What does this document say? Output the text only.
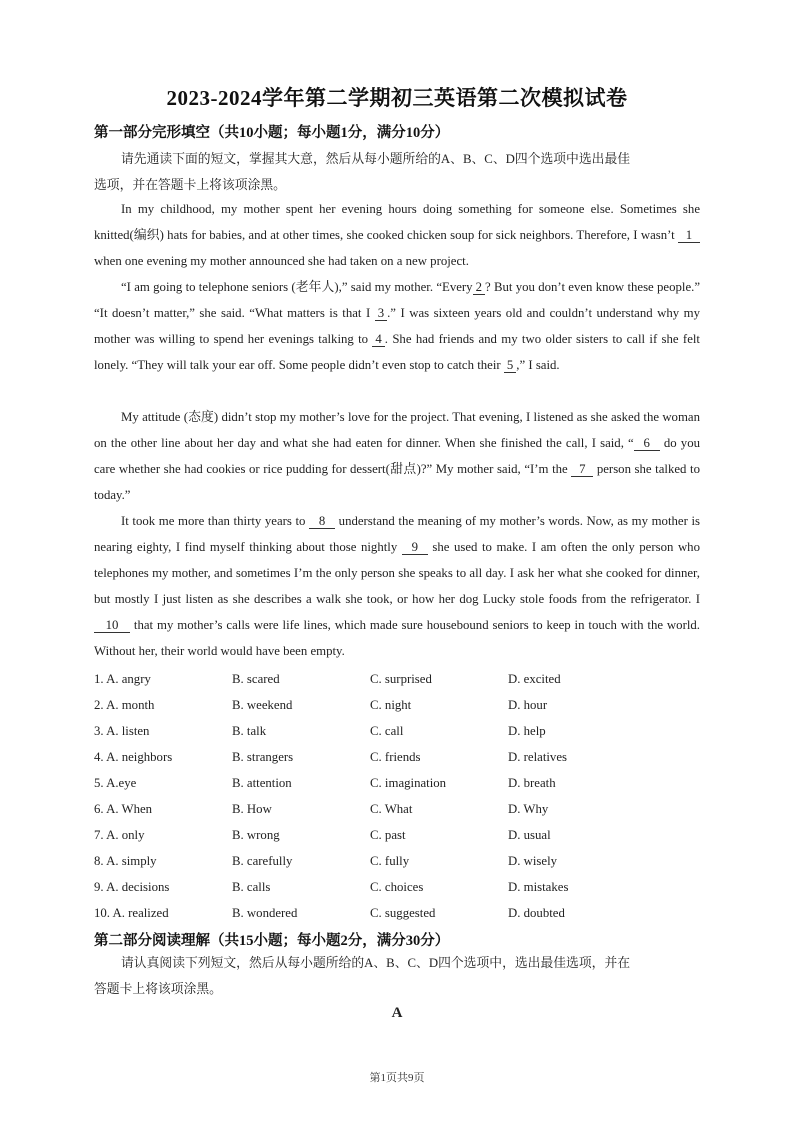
2023-2024学年第二学期初三英语第二次模拟试卷
第一部分完形填空（共10小题；每小题1分，满分10分）

请先通读下面的短文，掌握其大意，然后从每小题所给的A、B、C、D四个选项中选出最佳
选项，并在答题卡上将该项涂黑。

In my childhood, my mother spent her evening hours doing something for someone else. Sometimes she knitted(编织) hats for babies, and at other times, she cooked chicken soup for sick neighbors. Therefore, I wasn’t 1 when one evening my mother announced she had taken on a new project.

“I am going to telephone seniors (老年人),” said my mother. “Every 2 ? But you don’t even know these people.” “It doesn’t matter,” she said. “What matters is that I 3 .” I was sixteen years old and couldn’t understand why my mother was willing to spend her evenings talking to 4 . She had friends and my two older sisters to call if she felt lonely. “They will talk your ear off. Some people didn’t even stop to catch their 5 ,” I said.

My attitude (态度) didn’t stop my mother’s love for the project. That evening, I listened as she asked the woman on the other line about her day and what she had eaten for dinner. When she finished the call, I said, “ 6 do you care whether she had cookies or rice pudding for dessert(甜点)?” My mother said, “I’m the 7 person she talked to today.”

It took me more than thirty years to 8 understand the meaning of my mother’s words. Now, as my mother is nearing eighty, I find myself thinking about those nightly 9 she used to make. I am often the only person who telephones my mother, and sometimes I’m the only person she speaks to all day. I ask her what she cooked for dinner, but mostly I just listen as she describes a walk she took, or how her dog Lucky stole foods from the refrigerator. I 10 that my mother’s calls were life lines, which made sure housebound seniors to keep in touch with the world. Without her, their world would have been empty.

1. A. angry	B. scared	C. surprised	D. excited
2. A. month	B. weekend	C. night	D. hour
3. A. listen	B. talk	C. call	D. help
4. A. neighbors	B. strangers	C. friends	D. relatives
5. A.eye	B. attention	C. imagination	D. breath
6. A. When	B. How	C. What	D. Why
7. A. only	B. wrong	C. past	D. usual
8. A. simply	B. carefully	C. fully	D. wisely
9. A. decisions	B. calls	C. choices	D. mistakes
10. A. realized	B. wondered	C. suggested	D. doubted
第二部分阅读理解（共15小题；每小题2分，满分30分）

请认真阅读下列短文，然后从每小题所给的A、B、C、D四个选项中，选出最佳选项，并在
答题卡上将该项涂黑。

A
第1页共9页
